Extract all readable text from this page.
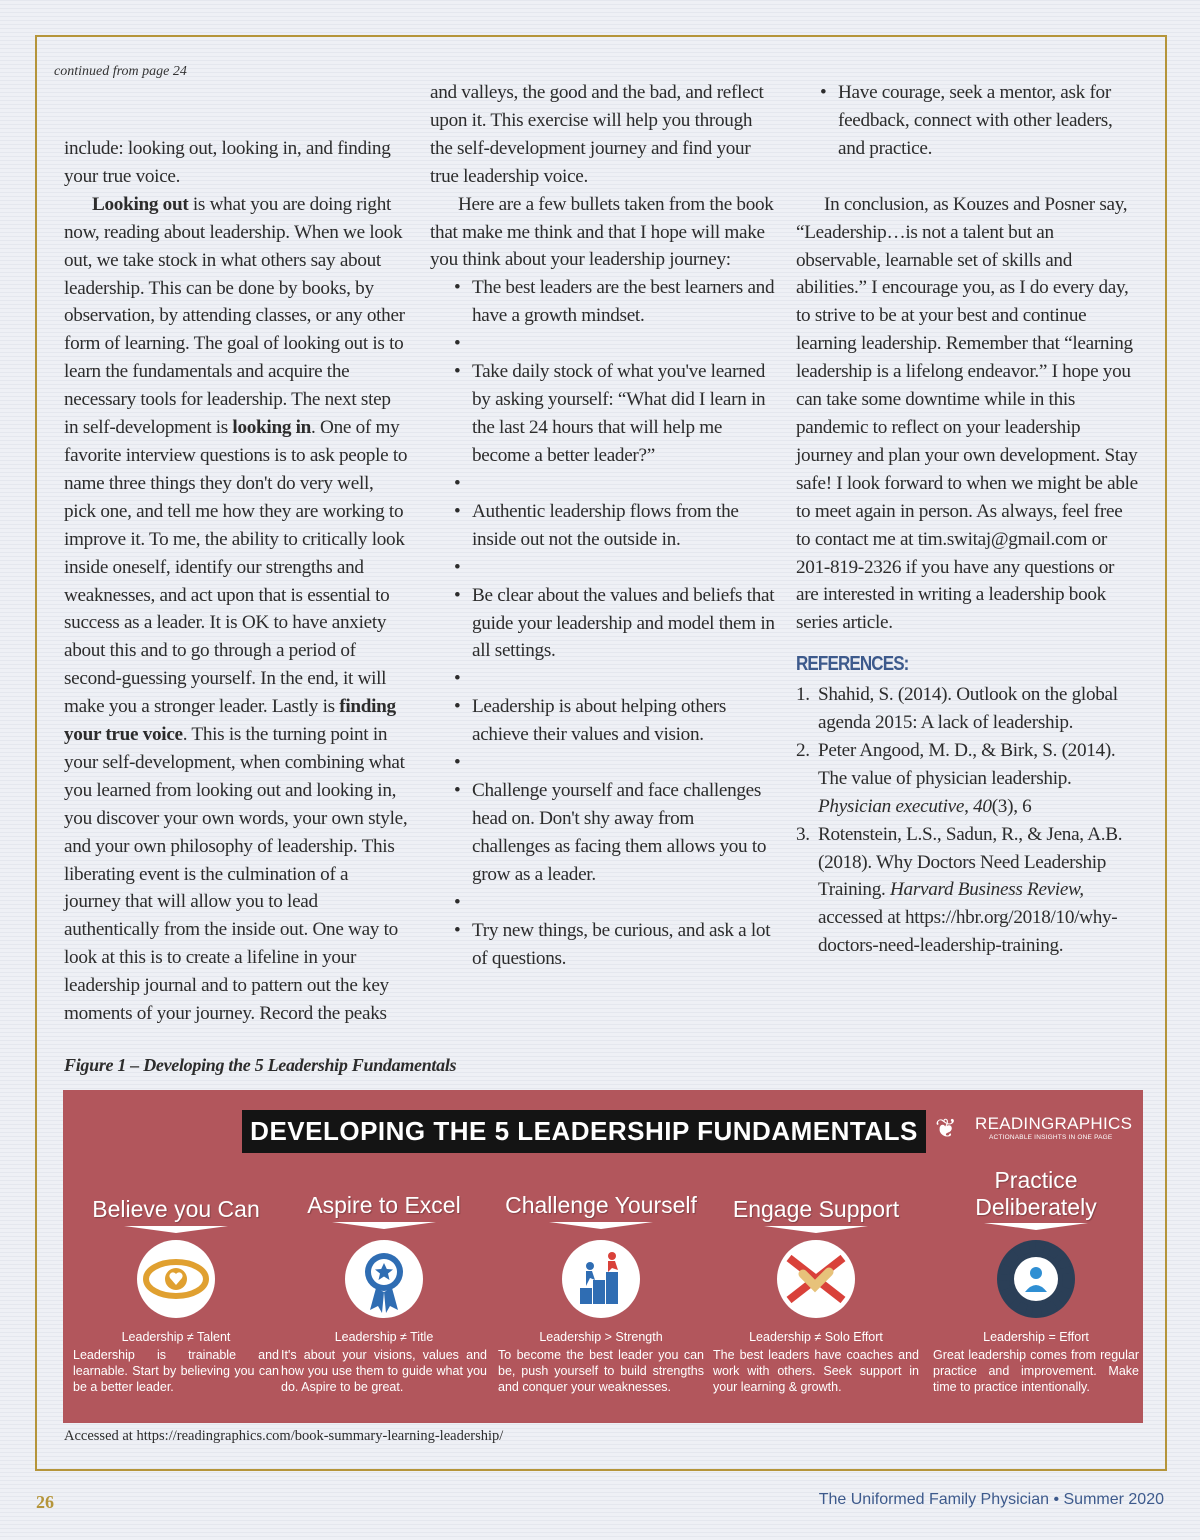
continued from page 24

include: looking out, looking in, and finding your true voice.

Looking out is what you are doing right now, reading about leadership. When we look out, we take stock in what others say about leadership. This can be done by books, by observation, by attending classes, or any other form of learning. The goal of looking out is to learn the fundamentals and acquire the necessary tools for leadership. The next step in self-development is looking in. One of my favorite interview questions is to ask people to name three things they don't do very well, pick one, and tell me how they are working to improve it. To me, the ability to critically look inside oneself, identify our strengths and weaknesses, and act upon that is essential to success as a leader. It is OK to have anxiety about this and to go through a period of second-guessing yourself. In the end, it will make you a stronger leader. Lastly is finding your true voice. This is the turning point in your self-development, when combining what you learned from looking out and looking in, you discover your own words, your own style, and your own philosophy of leadership. This liberating event is the culmination of a journey that will allow you to lead authentically from the inside out. One way to look at this is to create a lifeline in your leadership journal and to pattern out the key moments of your journey. Record the peaks

and valleys, the good and the bad, and reflect upon it. This exercise will help you through the self-development journey and find your true leadership voice.

Here are a few bullets taken from the book that make me think and that I hope will make you think about your leadership journey:

• The best leaders are the best learners and have a growth mindset.
•
• Take daily stock of what you've learned by asking yourself: “What did I learn in the last 24 hours that will help me become a better leader?”
•
• Authentic leadership flows from the inside out not the outside in.
•
• Be clear about the values and beliefs that guide your leadership and model them in all settings.
•
• Leadership is about helping others achieve their values and vision.
•
• Challenge yourself and face challenges head on. Don't shy away from challenges as facing them allows you to grow as a leader.
•
• Try new things, be curious, and ask a lot of questions.
• Have courage, seek a mentor, ask for feedback, connect with other leaders, and practice.

In conclusion, as Kouzes and Posner say, “Leadership…is not a talent but an observable, learnable set of skills and abilities.” I encourage you, as I do every day, to strive to be at your best and continue learning leadership. Remember that “learning leadership is a lifelong endeavor.” I hope you can take some downtime while in this pandemic to reflect on your leadership journey and plan your own development. Stay safe! I look forward to when we might be able to meet again in person. As always, feel free to contact me at tim.switaj@gmail.com or 201-819-2326 if you have any questions or are interested in writing a leadership book series article.

REFERENCES:
1. Shahid, S. (2014). Outlook on the global agenda 2015: A lack of leadership.
2. Peter Angood, M. D., & Birk, S. (2014). The value of physician leadership. Physician executive, 40(3), 6
3. Rotenstein, L.S., Sadun, R., & Jena, A.B. (2018). Why Doctors Need Leadership Training. Harvard Business Review, accessed at https://hbr.org/2018/10/why-doctors-need-leadership-training.
Figure 1 – Developing the 5 Leadership Fundamentals
DEVELOPING THE 5 LEADERSHIP FUNDAMENTALS ❦ READINGRAPHICS
ACTIONABLE INSIGHTS IN ONE PAGE
Believe you Can
Leadership ≠ Talent
Leadership is trainable and learnable. Start by believing you can be a better leader.
Aspire to Excel
Leadership ≠ Title
It's about your visions, values and how you use them to guide what you do. Aspire to be great.
Challenge Yourself
Leadership > Strength
To become the best leader you can be, push yourself to build strengths and conquer your weaknesses.
Engage Support
Leadership ≠ Solo Effort
The best leaders have coaches and work with others. Seek support in your learning & growth.
Practice Deliberately
Leadership = Effort
Great leadership comes from regular practice and improvement. Make time to practice intentionally.
Accessed at https://readingraphics.com/book-summary-learning-leadership/
26	The Uniformed Family Physician • Summer 2020
